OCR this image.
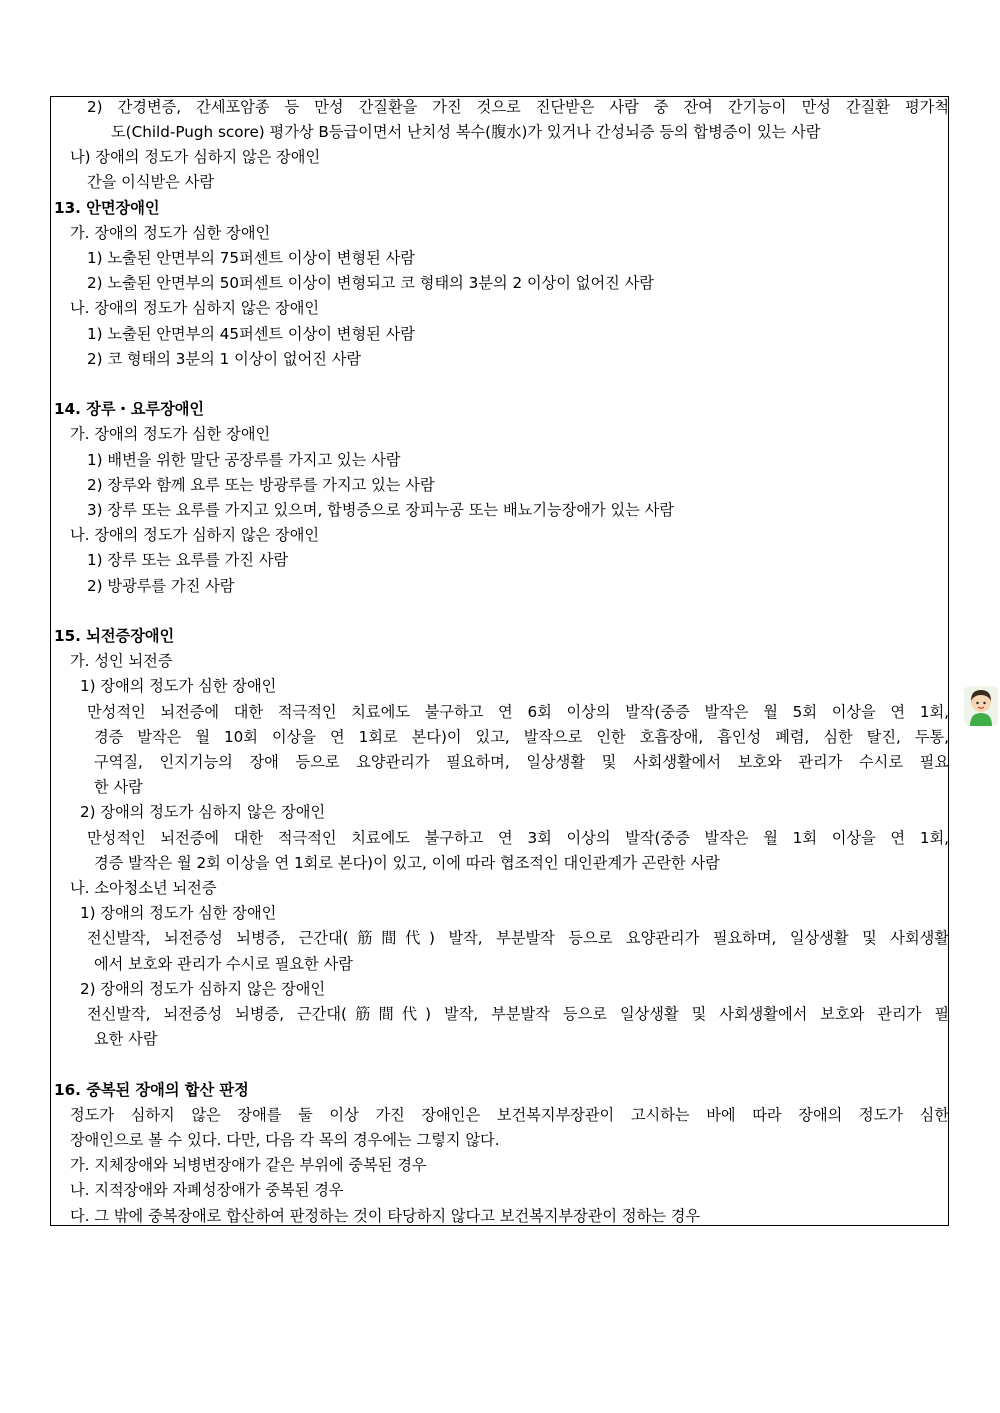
2) 간경변증, 간세포암종 등 만성 간질환을 가진 것으로 진단받은 사람 중 잔여 간기능이 만성 간질환 평가척
도(Child-Pugh score) 평가상 B등급이면서 난치성 복수(腹水)가 있거나 간성뇌증 등의 합병증이 있는 사람
나) 장애의 정도가 심하지 않은 장애인
간을 이식받은 사람
13. 안면장애인
가. 장애의 정도가 심한 장애인
1) 노출된 안면부의 75퍼센트 이상이 변형된 사람
2) 노출된 안면부의 50퍼센트 이상이 변형되고 코 형태의 3분의 2 이상이 없어진 사람
나. 장애의 정도가 심하지 않은 장애인
1) 노출된 안면부의 45퍼센트 이상이 변형된 사람
2) 코 형태의 3분의 1 이상이 없어진 사람
14. 장루・요루장애인
가. 장애의 정도가 심한 장애인
1) 배변을 위한 말단 공장루를 가지고 있는 사람
2) 장루와 함께 요루 또는 방광루를 가지고 있는 사람
3) 장루 또는 요루를 가지고 있으며, 합병증으로 장피누공 또는 배뇨기능장애가 있는 사람
나. 장애의 정도가 심하지 않은 장애인
1) 장루 또는 요루를 가진 사람
2) 방광루를 가진 사람
15. 뇌전증장애인
가. 성인 뇌전증
1) 장애의 정도가 심한 장애인
만성적인 뇌전증에 대한 적극적인 치료에도 불구하고 연 6회 이상의 발작(중증 발작은 월 5회 이상을 연 1회,
경증 발작은 월 10회 이상을 연 1회로 본다)이 있고, 발작으로 인한 호흡장애, 흡인성 폐렴, 심한 탈진, 두통,
구역질, 인지기능의 장애 등으로 요양관리가 필요하며, 일상생활 및 사회생활에서 보호와 관리가 수시로 필요
한 사람
2) 장애의 정도가 심하지 않은 장애인
만성적인 뇌전증에 대한 적극적인 치료에도 불구하고 연 3회 이상의 발작(중증 발작은 월 1회 이상을 연 1회,
경증 발작은 월 2회 이상을 연 1회로 본다)이 있고, 이에 따라 협조적인 대인관계가 곤란한 사람
나. 소아청소년 뇌전증
1) 장애의 정도가 심한 장애인
전신발작, 뇌전증성 뇌병증, 근간대(筋間代) 발작, 부분발작 등으로 요양관리가 필요하며, 일상생활 및 사회생활
에서 보호와 관리가 수시로 필요한 사람
2) 장애의 정도가 심하지 않은 장애인
전신발작, 뇌전증성 뇌병증, 근간대(筋間代) 발작, 부분발작 등으로 일상생활 및 사회생활에서 보호와 관리가 필
요한 사람
16. 중복된 장애의 합산 판정
정도가 심하지 않은 장애를 둘 이상 가진 장애인은 보건복지부장관이 고시하는 바에 따라 장애의 정도가 심한
장애인으로 볼 수 있다. 다만, 다음 각 목의 경우에는 그렇지 않다.
가. 지체장애와 뇌병변장애가 같은 부위에 중복된 경우
나. 지적장애와 자폐성장애가 중복된 경우
다. 그 밖에 중복장애로 합산하여 판정하는 것이 타당하지 않다고 보건복지부장관이 정하는 경우
